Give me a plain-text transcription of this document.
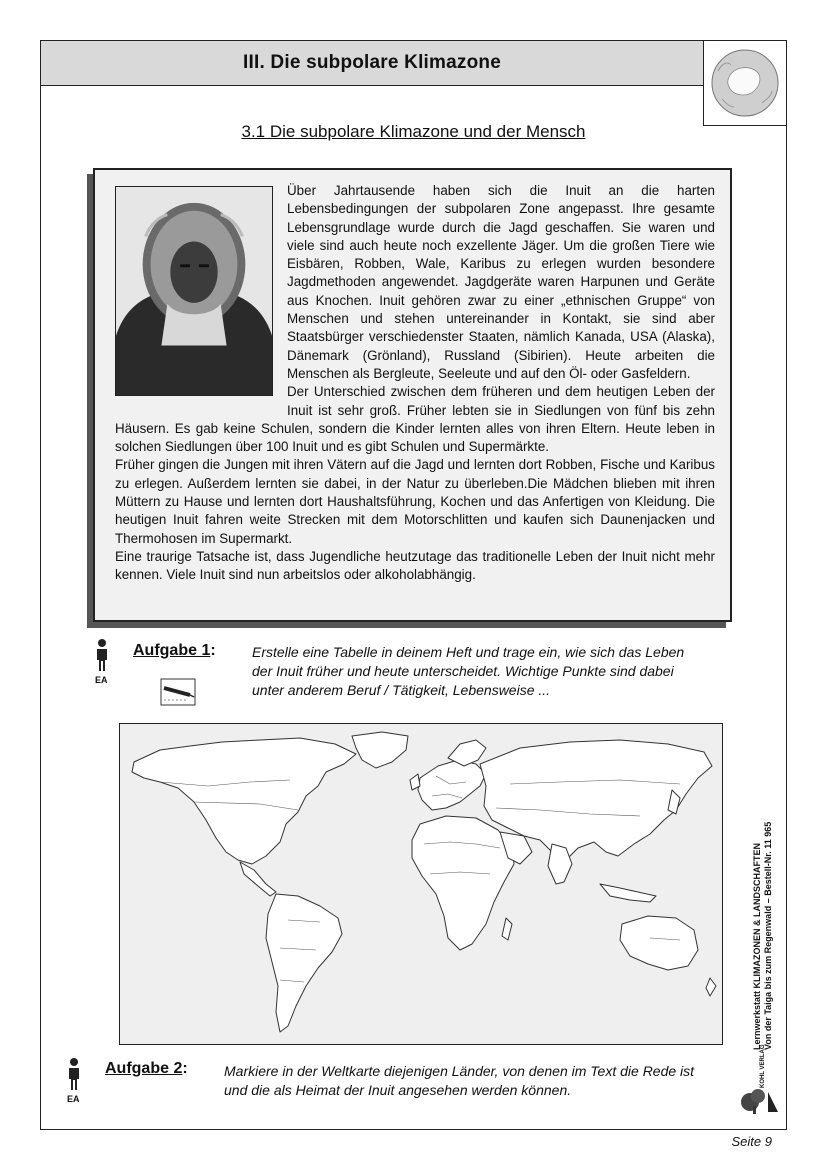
III. Die subpolare Klimazone
3.1 Die subpolare Klimazone und der Mensch

Über Jahrtausende haben sich die Inuit an die harten Lebensbedingungen der subpolaren Zone angepasst. Ihre gesamte Lebensgrundlage wurde durch die Jagd geschaffen. Sie waren und viele sind auch heute noch exzellente Jäger. Um die großen Tiere wie Eisbären, Robben, Wale, Karibus zu erlegen wurden besondere Jagdmethoden angewendet. Jagdgeräte waren Harpunen und Geräte aus Knochen. Inuit gehören zwar zu einer „ethnischen Gruppe“ von Menschen und stehen untereinander in Kontakt, sie sind aber Staatsbürger verschiedenster Staaten, nämlich Kanada, USA (Alaska), Dänemark (Grönland), Russland (Sibirien). Heute arbeiten die Menschen als Bergleute, Seeleute und auf den Öl- oder Gasfeldern.

Der Unterschied zwischen dem früheren und dem heutigen Leben der Inuit ist sehr groß. Früher lebten sie in Siedlungen von fünf bis zehn Häusern. Es gab keine Schulen, sondern die Kinder lernten alles von ihren Eltern. Heute leben in solchen Siedlungen über 100 Inuit und es gibt Schulen und Supermärkte.

Früher gingen die Jungen mit ihren Vätern auf die Jagd und lernten dort Robben, Fische und Karibus zu erlegen. Außerdem lernten sie dabei, in der Natur zu überleben.Die Mädchen blieben mit ihren Müttern zu Hause und lernten dort Haushaltsführung, Kochen und das Anfertigen von Kleidung. Die heutigen Inuit fahren weite Strecken mit dem Motorschlitten und kaufen sich Daunenjacken und Thermohosen im Supermarkt.

Eine traurige Tatsache ist, dass Jugendliche heutzutage das traditionelle Leben der Inuit nicht mehr kennen. Viele Inuit sind nun arbeitslos oder alkoholabhängig.

EA
Aufgabe 1:	Erstelle eine Tabelle in deinem Heft und trage ein, wie sich das Leben der Inuit früher und heute unterscheidet. Wichtige Punkte sind dabei unter anderem Beruf / Tätigkeit, Lebensweise ...
EA
Aufgabe 2:	Markiere in der Weltkarte diejenigen Länder, von denen im Text die Rede ist und die als Heimat der Inuit angesehen werden können.
Lernwerkstatt KLIMAZONEN & LANDSCHAFTEN Von der Taiga bis zum Regenwald – Bestell-Nr. 11 965
KOHL VERLAG
Seite 9
